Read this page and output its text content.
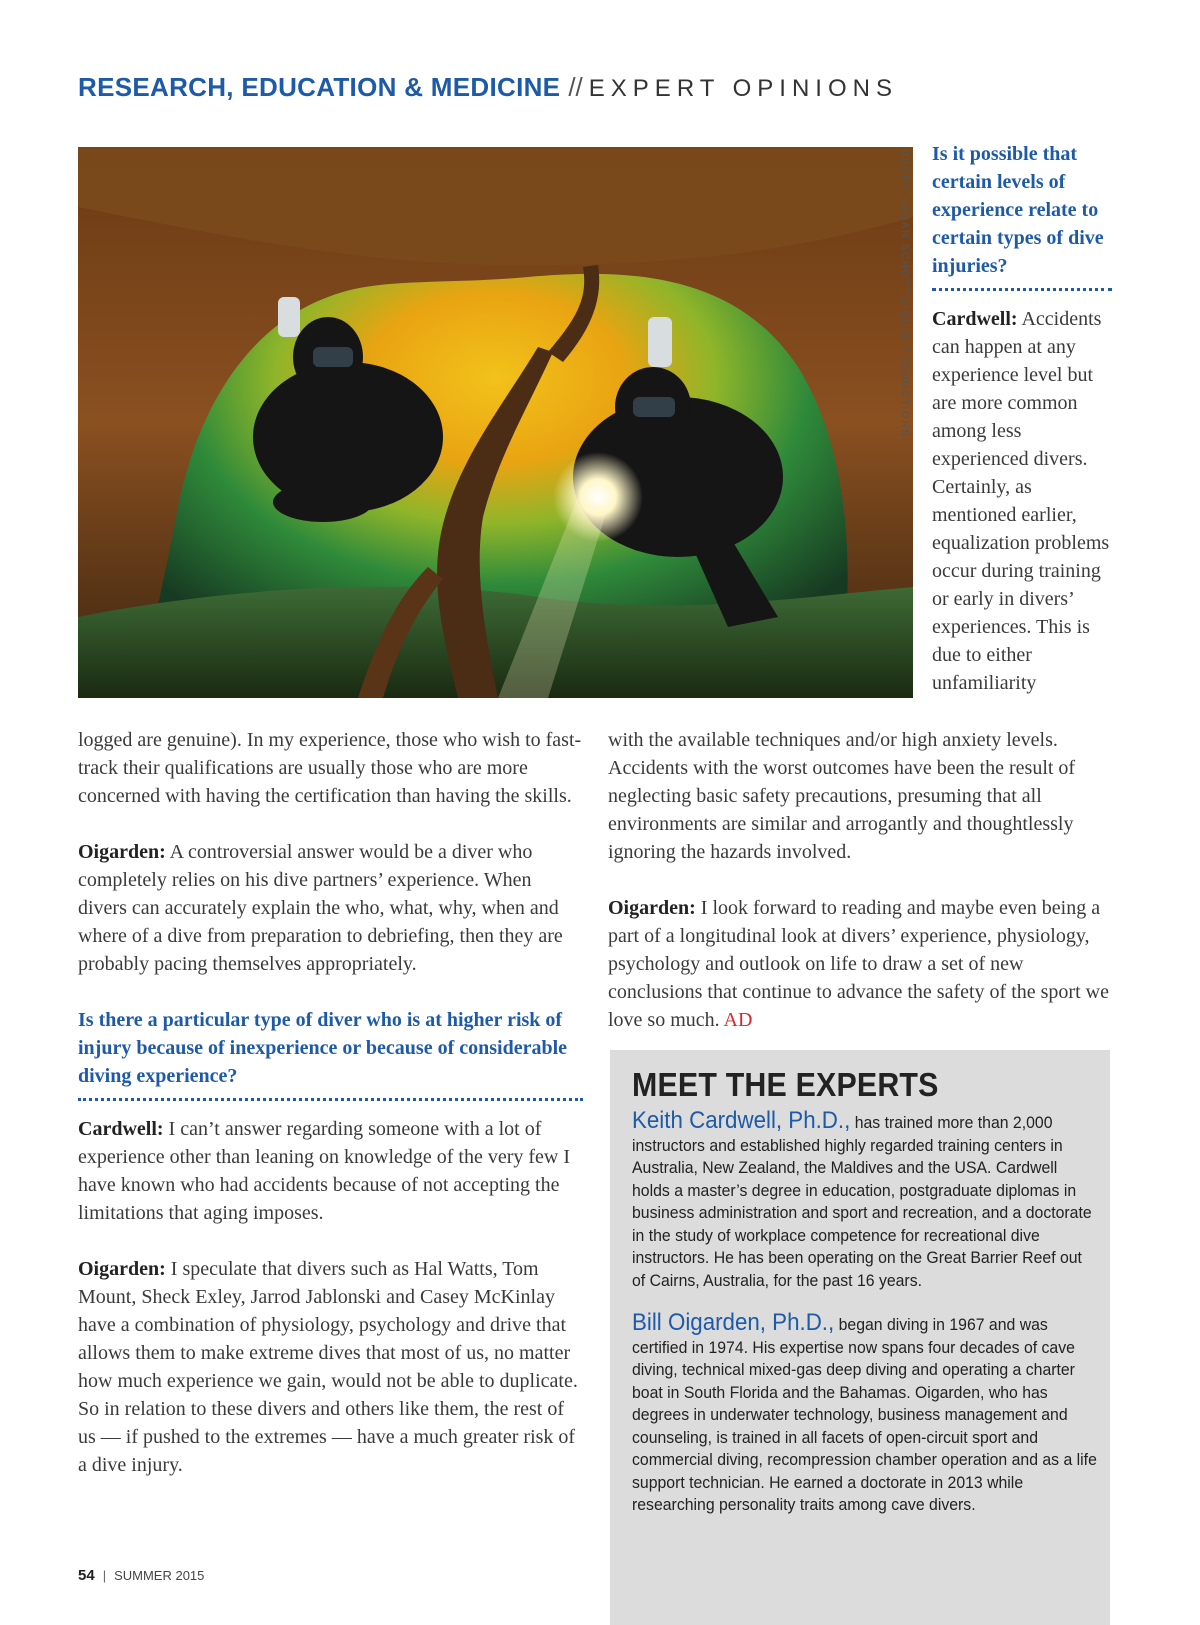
RESEARCH, EDUCATION & MEDICINE // EXPERT OPINIONS
BECKY KAGAN SCHOTT/LIQUID PRODUCTIONS Is it possible that certain levels of experience relate to certain types of dive injuries?
Cardwell: Accidents can happen at any experience level but are more common among less experienced divers. Certainly, as mentioned earlier, equalization problems occur during training or early in divers’ experiences. This is due to either unfamiliarity

logged are genuine). In my experience, those who wish to fast-track their qualifications are usually those who are more concerned with having the certification than having the skills.

Oigarden: A controversial answer would be a diver who completely relies on his dive partners’ experience. When divers can accurately explain the who, what, why, when and where of a dive from preparation to debriefing, then they are probably pacing themselves appropriately.

Is there a particular type of diver who is at higher risk of injury because of inexperience or because of considerable diving experience?

Cardwell: I can’t answer regarding someone with a lot of experience other than leaning on knowledge of the very few I have known who had accidents because of not accepting the limitations that aging imposes.

Oigarden: I speculate that divers such as Hal Watts, Tom Mount, Sheck Exley, Jarrod Jablonski and Casey McKinlay have a combination of physiology, psychology and drive that allows them to make extreme dives that most of us, no matter how much experience we gain, would not be able to duplicate. So in relation to these divers and others like them, the rest of us — if pushed to the extremes — have a much greater risk of a dive injury.

with the available techniques and/or high anxiety levels. Accidents with the worst outcomes have been the result of neglecting basic safety precautions, presuming that all environments are similar and arrogantly and thoughtlessly ignoring the hazards involved.

Oigarden: I look forward to reading and maybe even being a part of a longitudinal look at divers’ experience, physiology, psychology and outlook on life to draw a set of new conclusions that continue to advance the safety of the sport we love so much. AD

MEET THE EXPERTS
Keith Cardwell, Ph.D., has trained more than 2,000 instructors and established highly regarded training centers in Australia, New Zealand, the Maldives and the USA. Cardwell holds a master’s degree in education, postgraduate diplomas in business administration and sport and recreation, and a doctorate in the study of workplace competence for recreational dive instructors. He has been operating on the Great Barrier Reef out of Cairns, Australia, for the past 16 years.
Bill Oigarden, Ph.D., began diving in 1967 and was certified in 1974. His expertise now spans four decades of cave diving, technical mixed-gas deep diving and operating a charter boat in South Florida and the Bahamas. Oigarden, who has degrees in underwater technology, business management and counseling, is trained in all facets of open-circuit sport and commercial diving, recompression chamber operation and as a life support technician. He earned a doctorate in 2013 while researching personality traits among cave divers.
54 | SUMMER 2015
